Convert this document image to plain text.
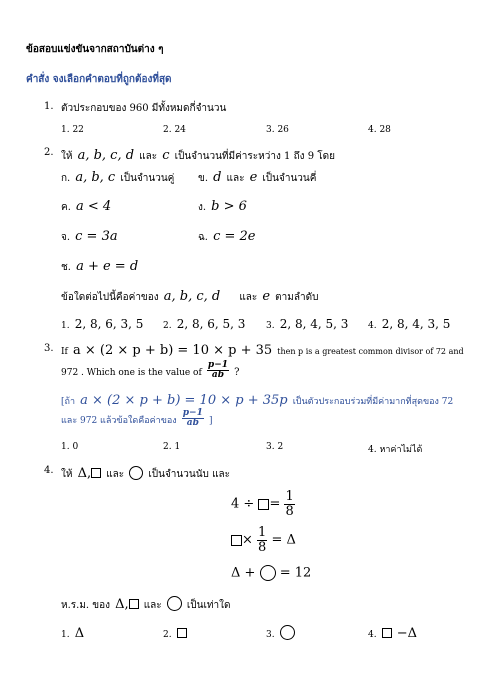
ข้อสอบแข่งขันจากสถาบันต่าง ๆ
คำสั่ง จงเลือกคำตอบที่ถูกต้องที่สุด
1. ตัวประกอบของ 960 มีทั้งหมดกี่จำนวน
1. 22	2. 24	3. 26	4. 28
2. ให้ a, b, c, d และ c เป็นจำนวนที่มีค่าระหว่าง 1 ถึง 9 โดย
ก. a, b, c เป็นจำนวนคู่ ข. d และ e เป็นจำนวนคี่
ค. a < 4	ง. b > 6
จ. c = 3a	ฉ. c = 2e
ช. a + e = d
ข้อใดต่อไปนี้คือค่าของ a, b, c, d และ e ตามลำดับ
1. 2, 8, 6, 3, 5 2. 2, 8, 6, 5, 3 3. 2, 8, 4, 5, 3 4. 2, 8, 4, 3, 5
3. If a × (2 × p + b) = 10 × p + 35 then p is a greatest common divisor of 72 and
972 . Which one is the value of $\frac{p-1}{ab}$ ?
[ถ้า a × (2 × p + b) = 10 × p + 35p เป็นตัวประกอบร่วมที่มีค่ามากที่สุดของ 72
และ 972 แล้วข้อใดคือค่าของ $\frac{p-1}{ab}$ ]
1. 0	2. 1	3. 2	4. หาค่าไม่ได้
4. ให้ Δ, และ เป็นจำนวนนับ และ
4 ÷ = $\frac{1}{8}$
× $\frac{1}{8} = \Delta$
Δ + = 12
ห.ร.ม. ของ Δ, และ	เป็นเท่าใด
1. Δ	2.	3.	4. −Δ
